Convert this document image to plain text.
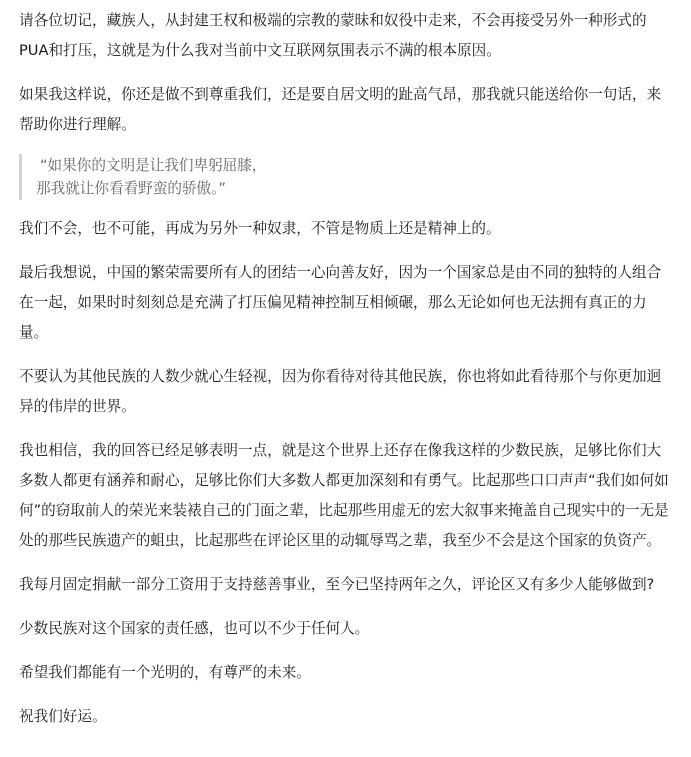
请各位切记，藏族人，从封建王权和极端的宗教的蒙昧和奴役中走来，不会再接受另外一种形式的PUA和打压，这就是为什么我对当前中文互联网氛围表示不满的根本原因。

如果我这样说，你还是做不到尊重我们，还是要自居文明的趾高气昂，那我就只能送给你一句话，来帮助你进行理解。

“如果你的文明是让我们卑躬屈膝，
那我就让你看看野蛮的骄傲。”

我们不会，也不可能，再成为另外一种奴隶，不管是物质上还是精神上的。

最后我想说，中国的繁荣需要所有人的团结一心向善友好，因为一个国家总是由不同的独特的人组合在一起，如果时时刻刻总是充满了打压偏见精神控制互相倾碾，那么无论如何也无法拥有真正的力量。

不要认为其他民族的人数少就心生轻视，因为你看待对待其他民族，你也将如此看待那个与你更加迥异的伟岸的世界。

我也相信，我的回答已经足够表明一点，就是这个世界上还存在像我这样的少数民族，足够比你们大多数人都更有涵养和耐心，足够比你们大多数人都更加深刻和有勇气。比起那些口口声声“我们如何如何”的窃取前人的荣光来装裱自己的门面之辈，比起那些用虚无的宏大叙事来掩盖自己现实中的一无是处的那些民族遗产的蛆虫，比起那些在评论区里的动辄辱骂之辈，我至少不会是这个国家的负资产。

我每月固定捐献一部分工资用于支持慈善事业，至今已坚持两年之久，评论区又有多少人能够做到?

少数民族对这个国家的责任感，也可以不少于任何人。

希望我们都能有一个光明的，有尊严的未来。

祝我们好运。
